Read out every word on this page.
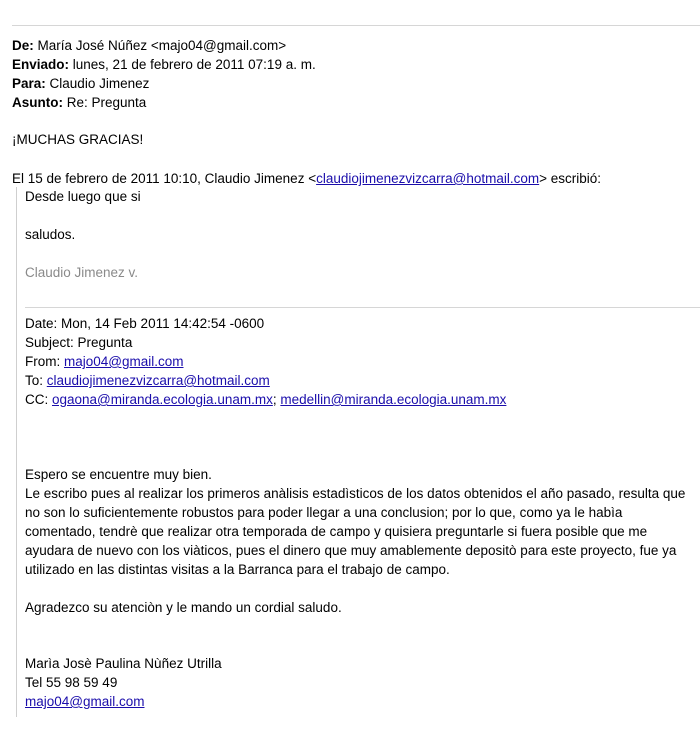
De: María José Núñez <majo04@gmail.com>
Enviado: lunes, 21 de febrero de 2011 07:19 a. m.
Para: Claudio Jimenez
Asunto: Re: Pregunta
¡MUCHAS GRACIAS!
El 15 de febrero de 2011 10:10, Claudio Jimenez <claudiojimenezvizcarra@hotmail.com> escribió:
Desde luego que si
saludos.
Claudio Jimenez v.
Date: Mon, 14 Feb 2011 14:42:54 -0600
Subject: Pregunta
From: majo04@gmail.com
To: claudiojimenezvizcarra@hotmail.com
CC: ogaona@miranda.ecologia.unam.mx; medellin@miranda.ecologia.unam.mx
Espero se encuentre muy bien.
Le escribo pues al realizar los primeros anàlisis estadìsticos de los datos obtenidos el año pasado, resulta que
no son lo suficientemente robustos para poder llegar a una conclusion; por lo que, como ya le habìa
comentado, tendrè que realizar otra temporada de campo y quisiera preguntarle si fuera posible que me
ayudara de nuevo con los viàticos, pues el dinero que muy amablemente depositò para este proyecto, fue ya
utilizado en las distintas visitas a la Barranca para el trabajo de campo.
Agradezco su atenciòn y le mando un cordial saludo.
Marìa Josè Paulina Nùñez Utrilla
Tel 55 98 59 49
majo04@gmail.com
